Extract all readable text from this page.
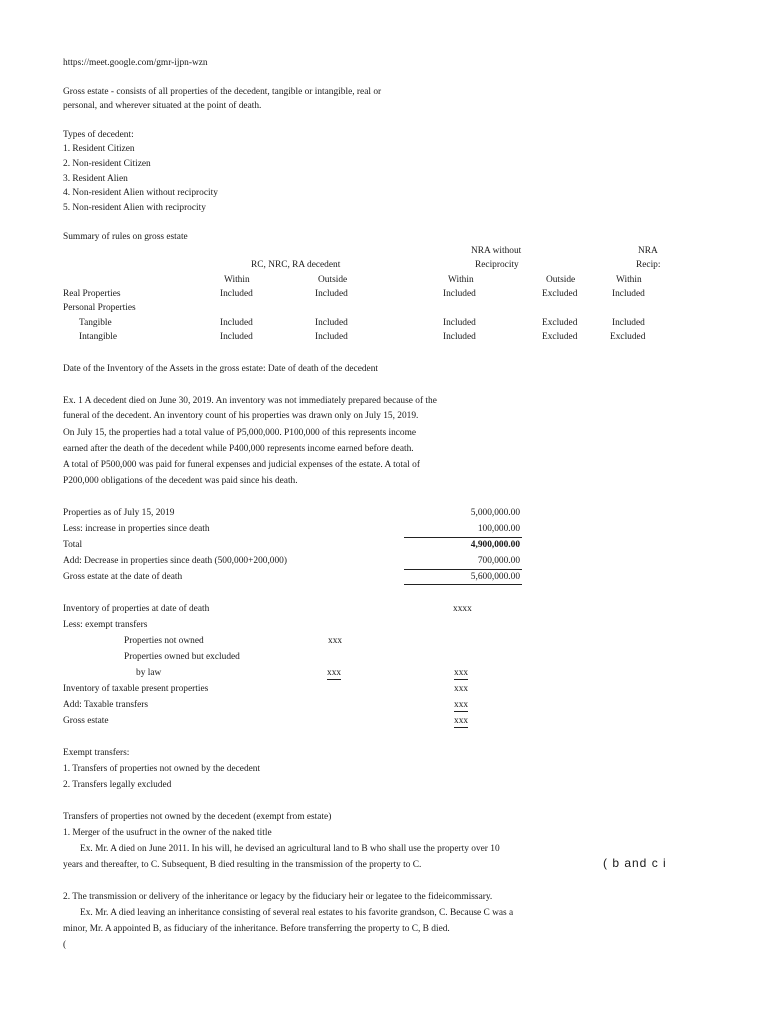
https://meet.google.com/gmr-ijpn-wzn
Gross estate - consists of all properties of the decedent, tangible or intangible, real or
personal, and wherever situated at the point of death.
Types of decedent:
1. Resident Citizen
2. Non-resident Citizen
3. Resident Alien
4. Non-resident Alien without reciprocity
5. Non-resident Alien with reciprocity
Summary of rules on gross estate
NRA without	NRA
RC, NRC, RA decedent	Reciprocity	Recip:
Within	Outside	Within	Outside	Within
Real Properties	Included	Included	Included	Excluded	Included
Personal Properties
Tangible	Included	Included	Included	Excluded	Included
Intangible	Included	Included	Included	Excluded	Excluded
Date of the Inventory of the Assets in the gross estate: Date of death of the decedent
Ex. 1 A decedent died on June 30, 2019. An inventory was not immediately prepared because of the
funeral of the decedent. An inventory count of his properties was drawn only on July 15, 2019.
On July 15, the properties had a total value of P5,000,000. P100,000 of this represents income
earned after the death of the decedent while P400,000 represents income earned before death.
A total of P500,000 was paid for funeral expenses and judicial expenses of the estate. A total of
P200,000 obligations of the decedent was paid since his death.
Properties as of July 15, 2019	5,000,000.00
Less: increase in properties since death	100,000.00
Total	4,900,000.00
Add: Decrease in properties since death (500,000+200,000)	700,000.00
Gross estate at the date of death	5,600,000.00
Inventory of properties at date of death	xxxx
Less: exempt transfers
Properties not owned	xxx
Properties owned but excluded
by law	xxx	xxx
Inventory of taxable present properties	xxx
Add: Taxable transfers	xxx
Gross estate	xxx
Exempt transfers:
1. Transfers of properties not owned by the decedent
2. Transfers legally excluded
Transfers of properties not owned by the decedent (exempt from estate)
1. Merger of the usufruct in the owner of the naked title
Ex. Mr. A died on June 2011. In his will, he devised an agricultural land to B who shall use the property over 10
years and thereafter, to C. Subsequent, B died resulting in the transmission of the property to C.	( b and c i
2. The transmission or delivery of the inheritance or legacy by the fiduciary heir or legatee to the fideicommissary.
Ex. Mr. A died leaving an inheritance consisting of several real estates to his favorite grandson, C. Because C was a
minor, Mr. A appointed B, as fiduciary of the inheritance. Before transferring the property to C, B died.
(
